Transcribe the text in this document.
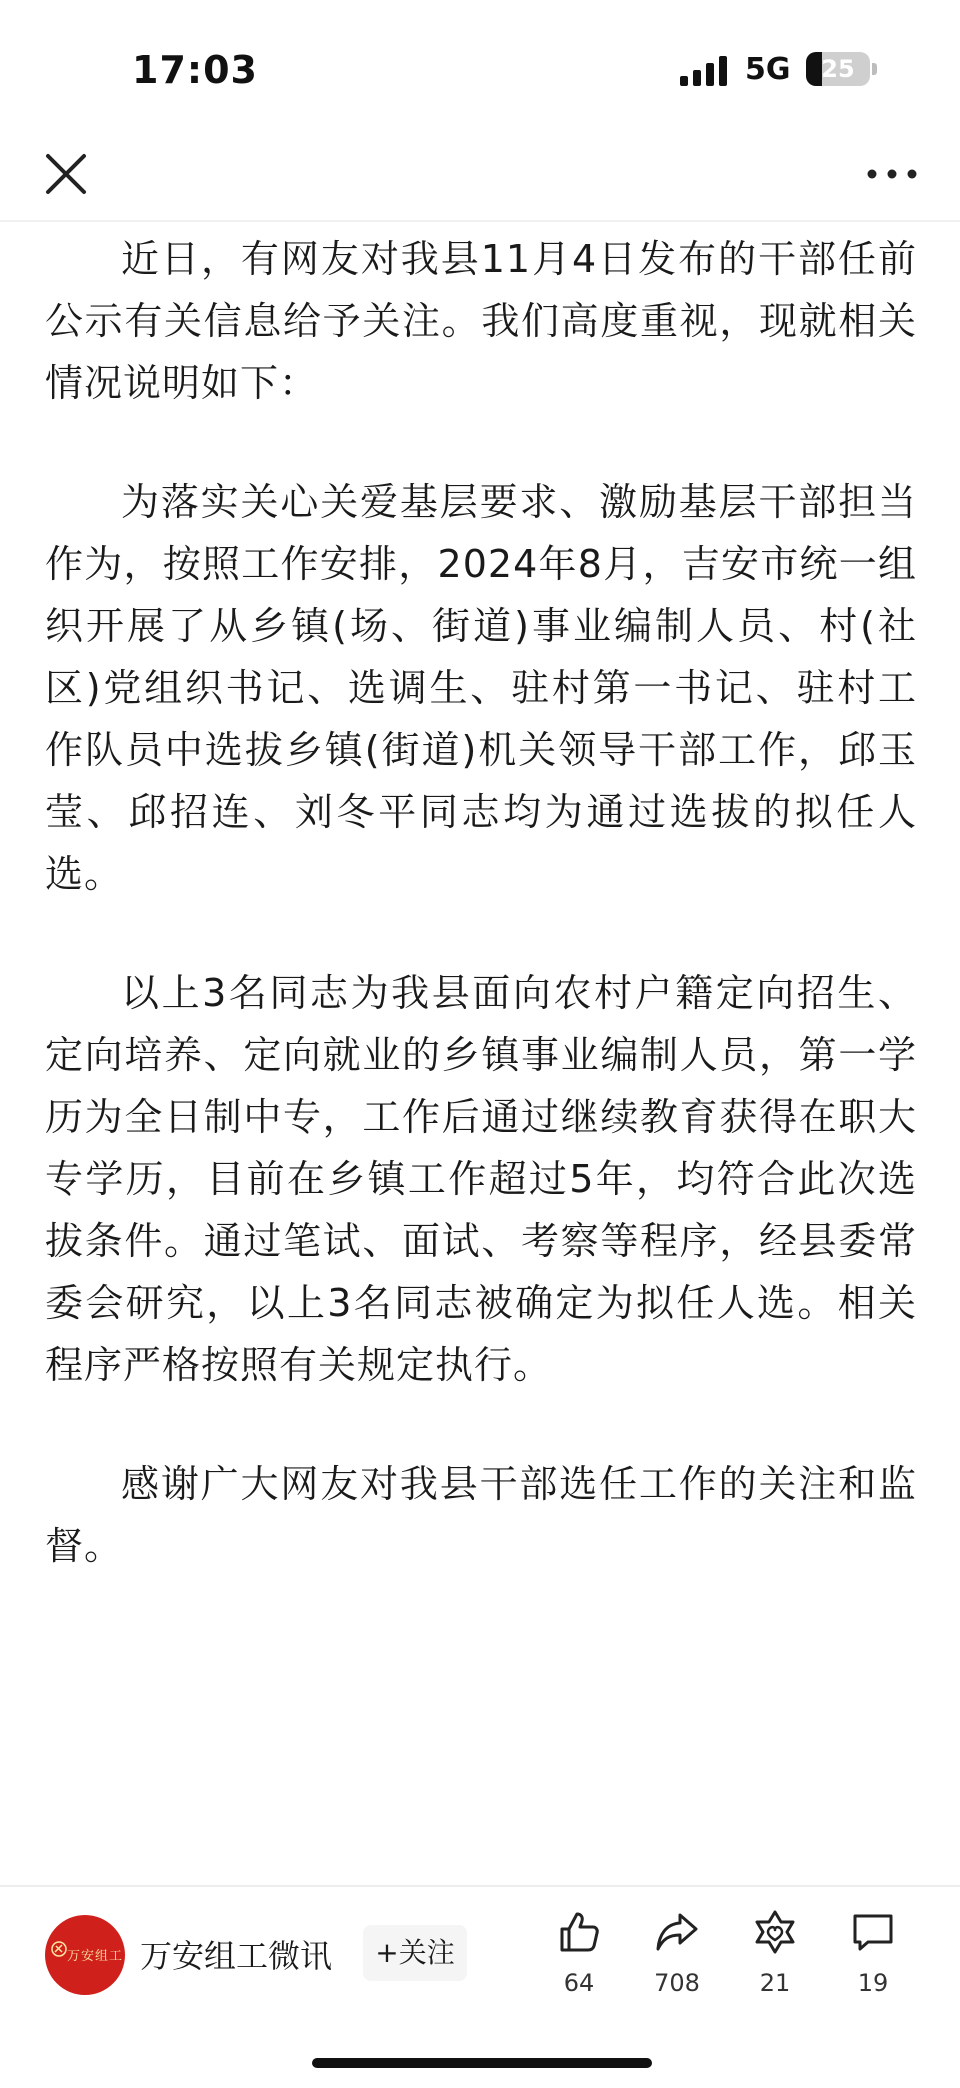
17:03	5G	25

近日，有网友对我县11月4日发布的干部任前公示有关信息给予关注。我们高度重视，现就相关情况说明如下：

为落实关心关爱基层要求、激励基层干部担当作为，按照工作安排，2024年8月，吉安市统一组织开展了从乡镇(场、街道)事业编制人员、村(社区)党组织书记、选调生、驻村第一书记、驻村工作队员中选拔乡镇(街道)机关领导干部工作，邱玉莹、邱招连、刘冬平同志均为通过选拔的拟任人选。

以上3名同志为我县面向农村户籍定向招生、定向培养、定向就业的乡镇事业编制人员，第一学历为全日制中专，工作后通过继续教育获得在职大专学历，目前在乡镇工作超过5年，均符合此次选拔条件。通过笔试、面试、考察等程序，经县委常委会研究，以上3名同志被确定为拟任人选。相关程序严格按照有关规定执行。

感谢广大网友对我县干部选任工作的关注和监督。

万安组工 万安组工微讯	+关注
64	708	21	19
